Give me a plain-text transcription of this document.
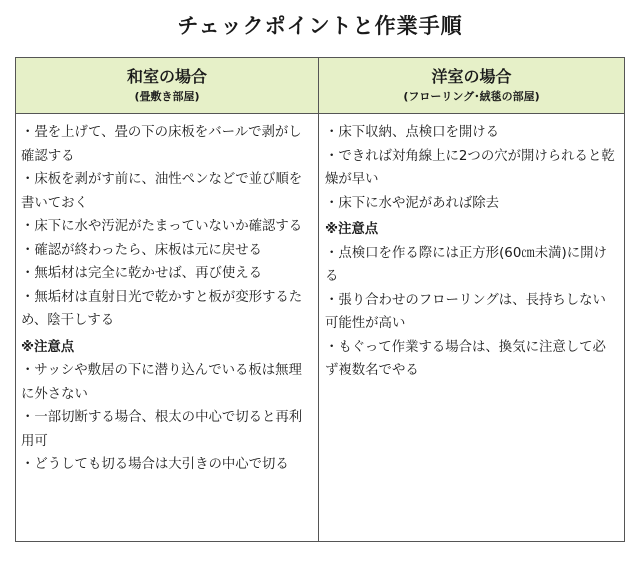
チェックポイントと作業手順
和室の場合
(畳敷き部屋)
洋室の場合
(フローリング･絨毯の部屋)

・畳を上げて、畳の下の床板をバールで剥がし確認する

・床板を剥がす前に、油性ペンなどで並び順を書いておく

・床下に水や汚泥がたまっていないか確認する

・確認が終わったら、床板は元に戻せる

・無垢材は完全に乾かせば、再び使える

・無垢材は直射日光で乾かすと板が変形するため、陰干しする

※注意点

・サッシや敷居の下に潜り込んでいる板は無理に外さない

・一部切断する場合、根太の中心で切ると再利用可

・どうしても切る場合は大引きの中心で切る

・床下収納、点検口を開ける

・できれば対角線上に2つの穴が開けられると乾燥が早い

・床下に水や泥があれば除去

※注意点

・点検口を作る際には正方形(60㎝未満)に開ける

・張り合わせのフローリングは、長持ちしない可能性が高い

・もぐって作業する場合は、換気に注意して必ず複数名でやる
